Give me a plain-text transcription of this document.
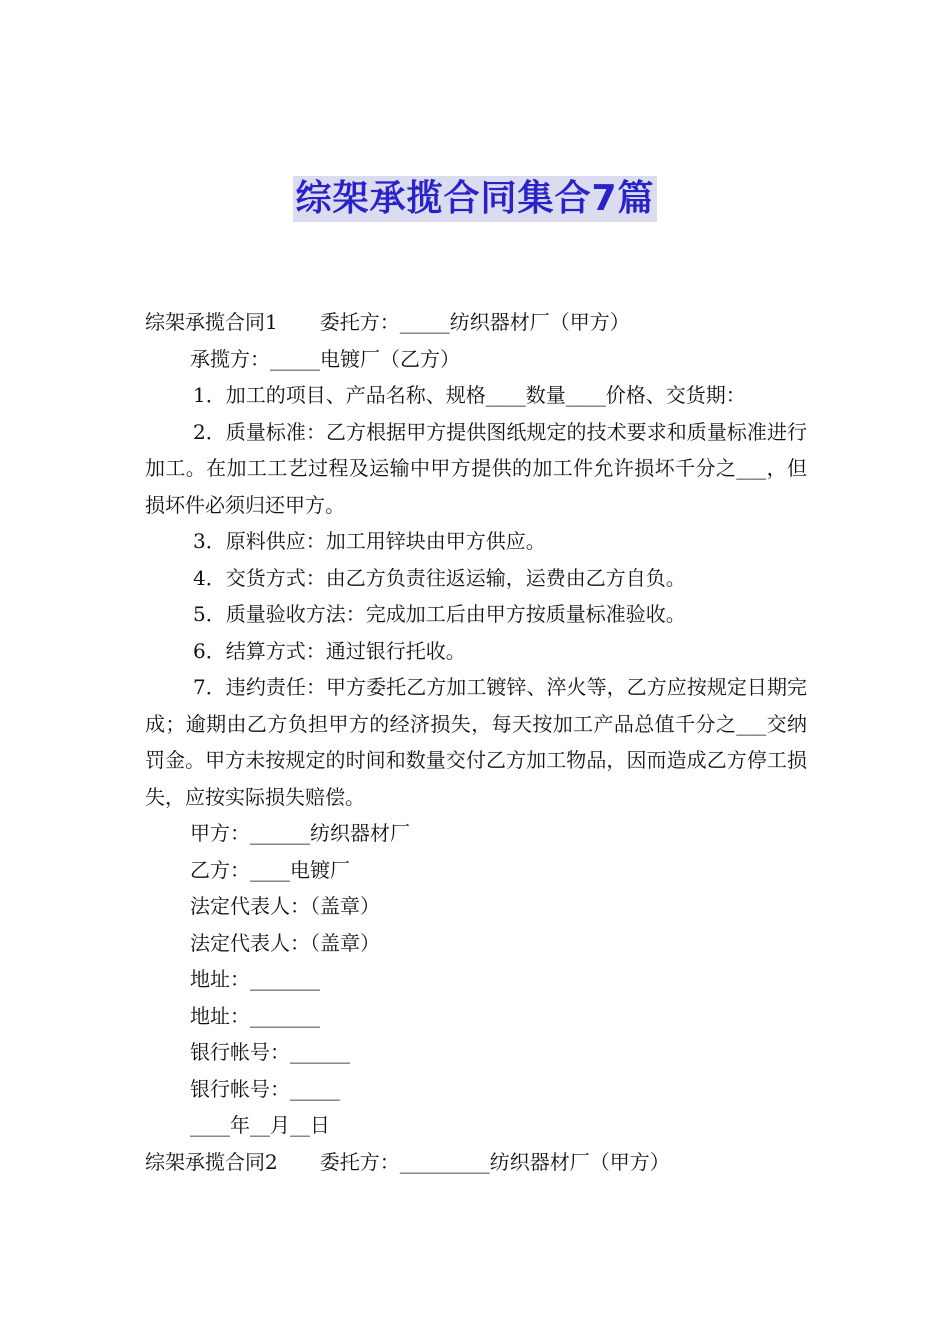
综架承揽合同集合7篇

综架承揽合同1 委托方：_____纺织器材厂（甲方）

承揽方：_____电镀厂（乙方）

1．加工的项目、产品名称、规格____数量____价格、交货期：

2．质量标准：乙方根据甲方提供图纸规定的技术要求和质量标准进行加工。在加工工艺过程及运输中甲方提供的加工件允许损坏千分之___，但损坏件必须归还甲方。

3．原料供应：加工用锌块由甲方供应。

4．交货方式：由乙方负责往返运输，运费由乙方自负。

5．质量验收方法：完成加工后由甲方按质量标准验收。

6．结算方式：通过银行托收。

7．违约责任：甲方委托乙方加工镀锌、淬火等，乙方应按规定日期完成；逾期由乙方负担甲方的经济损失，每天按加工产品总值千分之___交纳罚金。甲方未按规定的时间和数量交付乙方加工物品，因而造成乙方停工损失，应按实际损失赔偿。

甲方：______纺织器材厂

乙方：____电镀厂

法定代表人：（盖章）

法定代表人：（盖章）

地址：_______

地址：_______

银行帐号：______

银行帐号：_____

____年__月__日

综架承揽合同2 委托方：_________纺织器材厂（甲方）
